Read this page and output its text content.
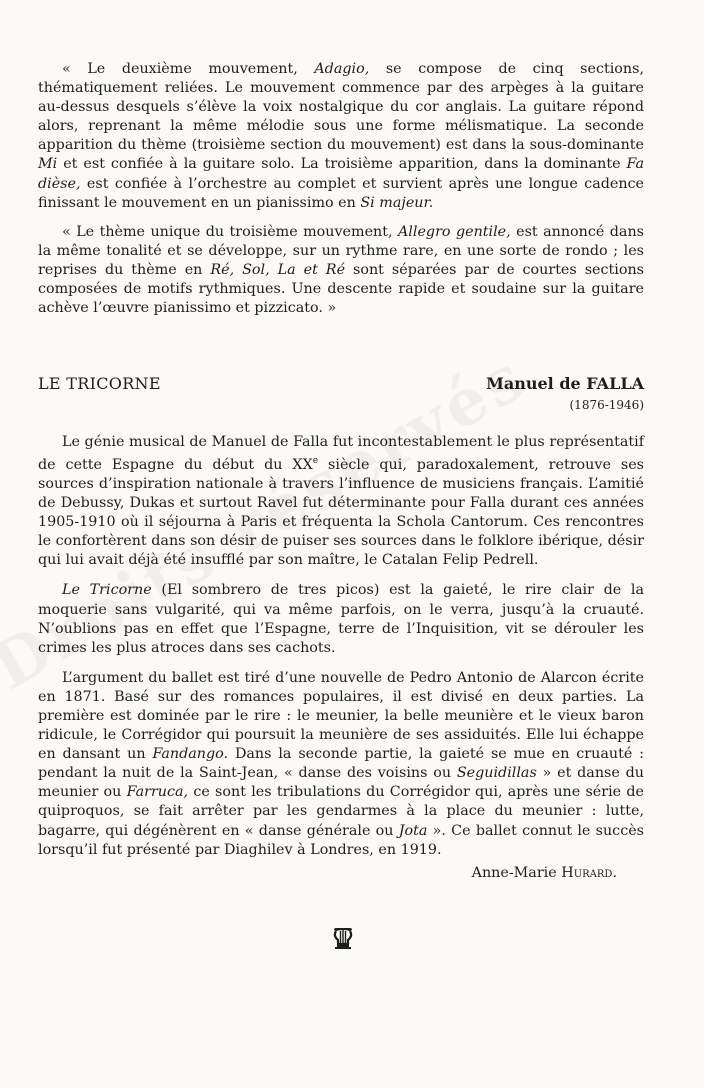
« Le deuxième mouvement, Adagio, se compose de cinq sections, thématiquement reliées. Le mouvement commence par des arpèges à la guitare au-dessus desquels s’élève la voix nostalgique du cor anglais. La guitare répond alors, reprenant la même mélodie sous une forme mélismatique. La seconde apparition du thème (troisième section du mouvement) est dans la sous-dominante Mi et est confiée à la guitare solo. La troisième apparition, dans la dominante Fa dièse, est confiée à l’orchestre au complet et survient après une longue cadence finissant le mouvement en un pianissimo en Si majeur.

« Le thème unique du troisième mouvement, Allegro gentile, est annoncé dans la même tonalité et se développe, sur un rythme rare, en une sorte de rondo ; les reprises du thème en Ré, Sol, La et Ré sont séparées par de courtes sections composées de motifs rythmiques. Une descente rapide et soudaine sur la guitare achève l’œuvre pianissimo et pizzicato. »

LE TRICORNE	Manuel de FALLA
(1876-1946)

Le génie musical de Manuel de Falla fut incontestablement le plus représentatif de cette Espagne du début du XXe siècle qui, paradoxalement, retrouve ses sources d’inspiration nationale à travers l’influence de musiciens français. L’amitié de Debussy, Dukas et surtout Ravel fut déterminante pour Falla durant ces années 1905-1910 où il séjourna à Paris et fréquenta la Schola Cantorum. Ces rencontres le confortèrent dans son désir de puiser ses sources dans le folklore ibérique, désir qui lui avait déjà été insufflé par son maître, le Catalan Felip Pedrell.

Le Tricorne (El sombrero de tres picos) est la gaieté, le rire clair de la moquerie sans vulgarité, qui va même parfois, on le verra, jusqu’à la cruauté. N’oublions pas en effet que l’Espagne, terre de l’Inquisition, vit se dérouler les crimes les plus atroces dans ses cachots.

L’argument du ballet est tiré d’une nouvelle de Pedro Antonio de Alarcon écrite en 1871. Basé sur des romances populaires, il est divisé en deux parties. La première est dominée par le rire : le meunier, la belle meunière et le vieux baron ridicule, le Corrégidor qui poursuit la meunière de ses assiduités. Elle lui échappe en dansant un Fandango. Dans la seconde partie, la gaieté se mue en cruauté : pendant la nuit de la Saint-Jean, « danse des voisins ou Seguidillas » et danse du meunier ou Farruca, ce sont les tribulations du Corrégidor qui, après une série de quiproquos, se fait arrêter par les gendarmes à la place du meunier : lutte, bagarre, qui dégénèrent en « danse générale ou Jota ». Ce ballet connut le succès lorsqu’il fut présenté par Diaghilev à Londres, en 1919.

Anne-Marie Hurard.
